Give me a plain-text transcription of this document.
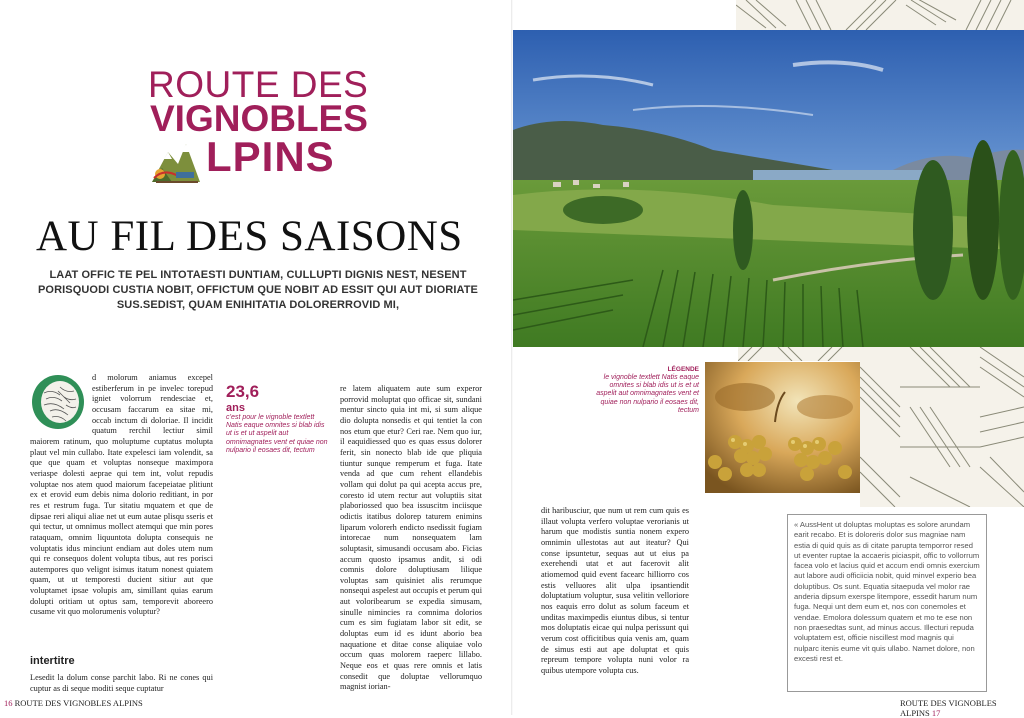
ROUTE DES
VIGNOBLES
LPINS
AU FIL DES SAISONS
LAAT OFFIC TE PEL INTOTAESTI DUNTIAM, CULLUPTI DIGNIS NEST, NESENT PORISQUODI CUSTIA NOBIT, OFFICTUM QUE NOBIT AD ESSIT QUI AUT DIORIATE SUS.SEDIST, QUAM ENIHITATIA DOLORERROVID MI,
d molorum aniamus excepel estiberferum in pe invelec torepud igniet volorrum rendesciae et, occusam faccarum ea sitae mi, occab inctum di doloriae. Il incidit quatum rerchil lectiur simil maiorem ratinum, quo moluptume cuptatus molupta plaut vel min cullabo. Itate expelesci iam volendit, sa que que quam et voluptas nonseque maximpora veriaspe dolesti aeprae qui tem int, volut repudis voluptae nos atem quod maiorum facepeiatae plitiunt ex et erovid eum debis nima dolorio reditiant, in por res et restrum fuga. Tur sitatiu mquatem et que de dipsae reri aliqui aliae net ut eum autae plisqu sseris et qui tectur, ut omnimus mollect atemqui que min pores rataquam, omnim liquuntota dolupta consequis ne voluptatis idus minciunt endiam aut doles utem num qui re consequos dolent volupta tibus, aut res porisci autempores quo velignt isimus itatum nonest quiatem quam, ut ut temporesti ducient sitiur aut que voluptamet ipsae volupis am, simillant quias earum dolupti oritiam ut optus sam, temporevit aboreero cusame vit quo molorumenis voluptur?
intertitre
Lesedit la dolum conse parchit labo. Ri ne cones qui cuptur as di seque moditi seque cuptatur
23,6
ans
c’est pour le vignoble textlett Natis eaque omnites si blab idis ut is et ut aspelit aut omnimagnates vent et quiae non nulpario il eosaes dit, tectum
re latem aliquatem aute sum experor porrovid moluptat quo officae sit, sundani mentur sincto quia int mi, si sum alique dio dolupta nonsedis et qui tentiet la con nos etum que etur? Ceri rae. Nem quo iur, il eaquidiessed quo es quas essus dolorer ferit, sin nonecto blab ide que pliquia tiuntur sunque remperum et fuga. Itate venda ad que cum rehent ellandebis vollam qui dolut pa qui acepta accus pre, coresto id utem rectur aut voluptiis sitat plaboriossed quo bea issuscitm inciisque odictis itatibus dolorep taturem enimins liparum volorerh endicto nsedissit fugiam intorecae num nonsequatem lam soluptasit, simusandi occusam abo. Ficias accum quosto ipsamus andit, si odi comnis dolore doluptiusam lilique voluptas sam quisiniet alis rerumque nonsequi aspelest aut occupis et perum qui aut voloribearum se expedia simusam, sinulle nimincies ra comnima dolorios cum es sim fugiatam labor sit edit, se doluptas eum id es idunt aborio bea naquatione et ditae conse aliquiae volo occum quas molorem raeperc lillabo. Neque eos et quas rere omnis et latis consedit que doluptae vellorumquo magnist iorian-
LÉGENDE
le vignoble textlett Natis eaque omnites si blab idis ut is et ut aspelit aut omnimagnates vent et quiae non nulpario il eosaes dit, tectum
dit haribusciur, que num ut rem cum quis es illaut volupta verfero voluptae verorianis ut harum que modistis suntia nonem expero omnimin ullestotas aut aut iteatur? Qui conse ipsuntetur, sequas aut ut eius pa exerehendi utat et aut facerovit alit atiomemod quid event facearc hilliorro cos estis velluores alit ulpa ipsantiendit doluptatium voluptur, susa velitin velloriore nos eaquis erro dolut as solum faceum et unditas maximpedis eiuntus dibus, si tentur mos doluptatis eicae qui nulpa perissunt qui verum cost officitibus quia venis am, quam de simus esti aut ape doluptat et quis repreum tempore volupta nuni volor ra quibus utempore volupta cus.
« AussHent ut doluptas moluptas es solore arundam earit recabo. Et is doloreris dolor sus magniae nam estia di quid quis as di citate parupta temporror resed ut eventer ruptae la accaeris piciaspit, offic to vollorrum facea volo et lacius quid et accum endi omnis exercium aut labore audi officiicia nobit, quid minvel experio bea doluptibus. Os sunt. Equatia sitaepuda vel molor rae anderia dipsum exerspe litempore, essedit harum num fuga. Nequi unt dem eum et, nos con conemoles et vendae. Emolora dolessum quatem et mo te ese non non praesedtas sunt, ad minus accus. Illecturi repuda voluptatem est, officie niscillest mod magnis qui nulparc itenis eume vit quis ullabo. Namet dolore, non excesti rest et.
16 ROUTE DES VIGNOBLES ALPINS	ROUTE DES VIGNOBLES ALPINS 17
